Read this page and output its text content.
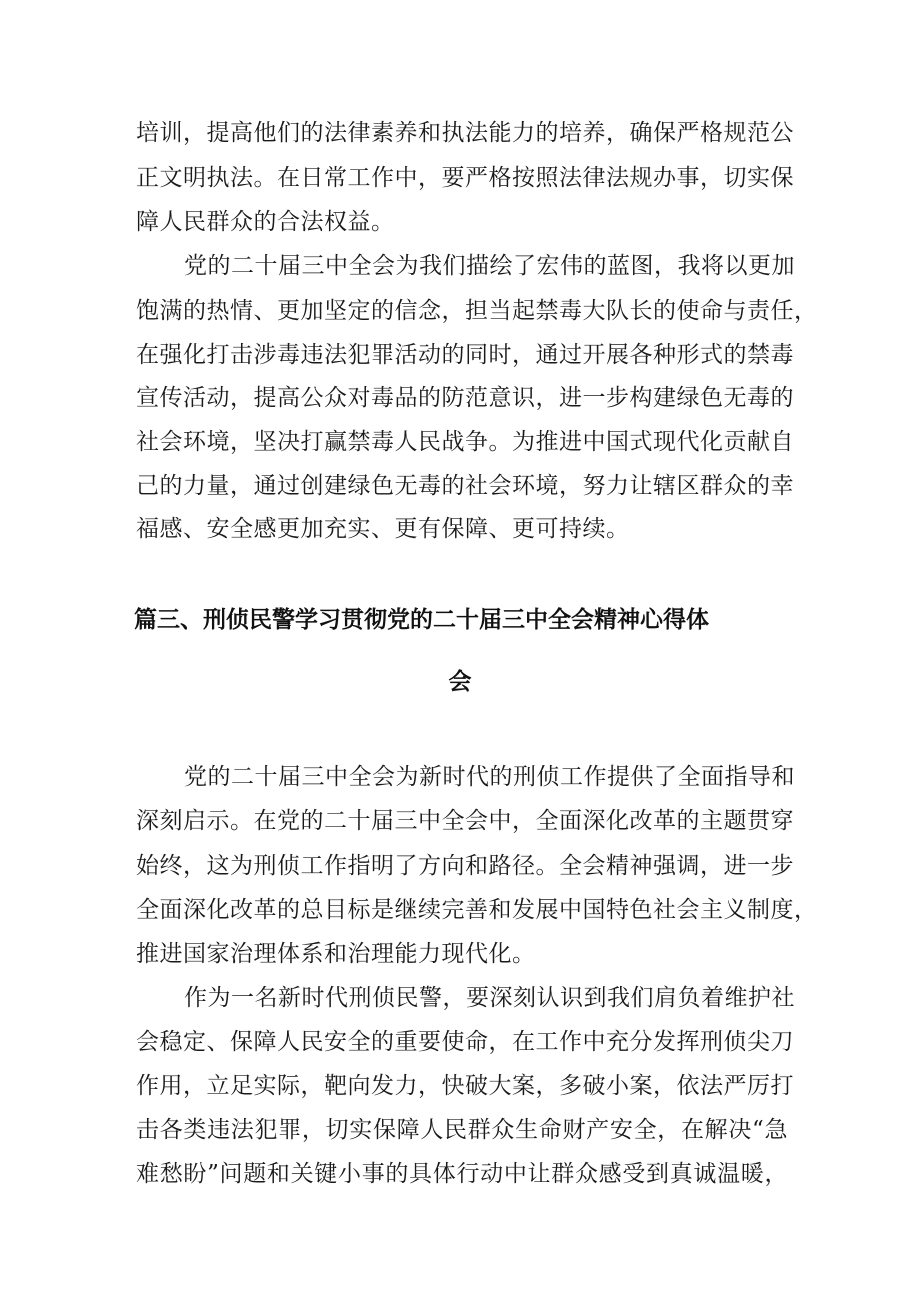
培训，提高他们的法律素养和执法能力的培养，确保严格规范公

正文明执法。在日常工作中，要严格按照法律法规办事，切实保

障人民群众的合法权益。

党的二十届三中全会为我们描绘了宏伟的蓝图，我将以更加

饱满的热情、更加坚定的信念，担当起禁毒大队长的使命与责任，

在强化打击涉毒违法犯罪活动的同时，通过开展各种形式的禁毒

宣传活动，提高公众对毒品的防范意识，进一步构建绿色无毒的

社会环境，坚决打赢禁毒人民战争。为推进中国式现代化贡献自

己的力量，通过创建绿色无毒的社会环境，努力让辖区群众的幸

福感、安全感更加充实、更有保障、更可持续。

篇三、刑侦民警学习贯彻党的二十届三中全会精神心得体
会

党的二十届三中全会为新时代的刑侦工作提供了全面指导和

深刻启示。在党的二十届三中全会中，全面深化改革的主题贯穿

始终，这为刑侦工作指明了方向和路径。全会精神强调，进一步

全面深化改革的总目标是继续完善和发展中国特色社会主义制度，

推进国家治理体系和治理能力现代化。

作为一名新时代刑侦民警，要深刻认识到我们肩负着维护社

会稳定、保障人民安全的重要使命，在工作中充分发挥刑侦尖刀

作用，立足实际，靶向发力，快破大案，多破小案，依法严厉打

击各类违法犯罪，切实保障人民群众生命财产安全，在解决“急

难愁盼”问题和关键小事的具体行动中让群众感受到真诚温暖，
